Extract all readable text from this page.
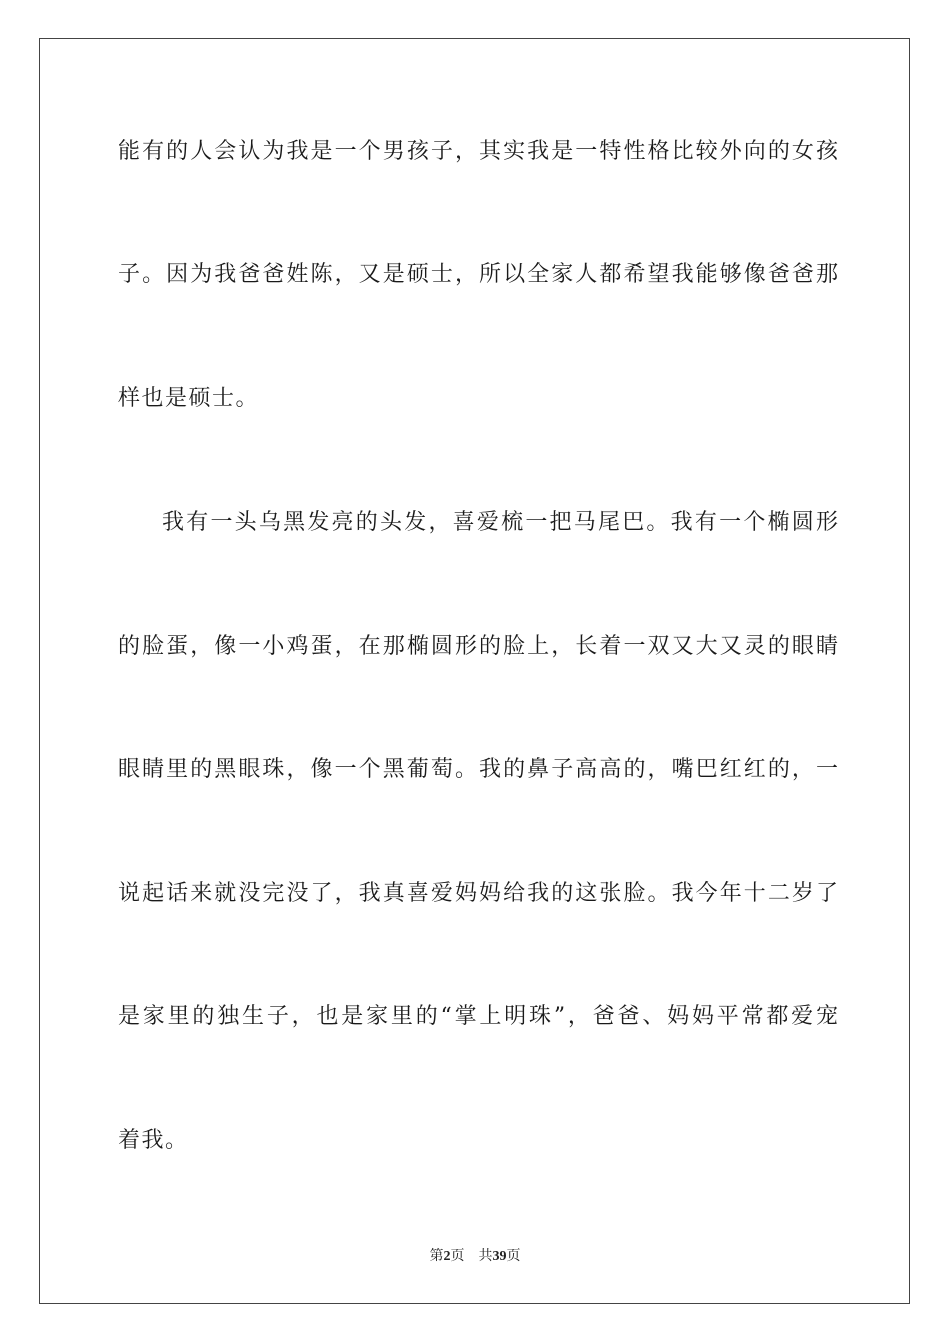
能有的人会认为我是一个男孩子，其实我是一特性格比较外向的女孩
子。因为我爸爸姓陈，又是硕士，所以全家人都希望我能够像爸爸那
样也是硕士。
我有一头乌黑发亮的头发，喜爱梳一把马尾巴。我有一个椭圆形
的脸蛋，像一小鸡蛋，在那椭圆形的脸上，长着一双又大又灵的眼睛
眼睛里的黑眼珠，像一个黑葡萄。我的鼻子高高的，嘴巴红红的，一
说起话来就没完没了，我真喜爱妈妈给我的这张脸。我今年十二岁了
是家里的独生子，也是家里的“掌上明珠”，爸爸、妈妈平常都爱宠
着我。
第2页 共39页
